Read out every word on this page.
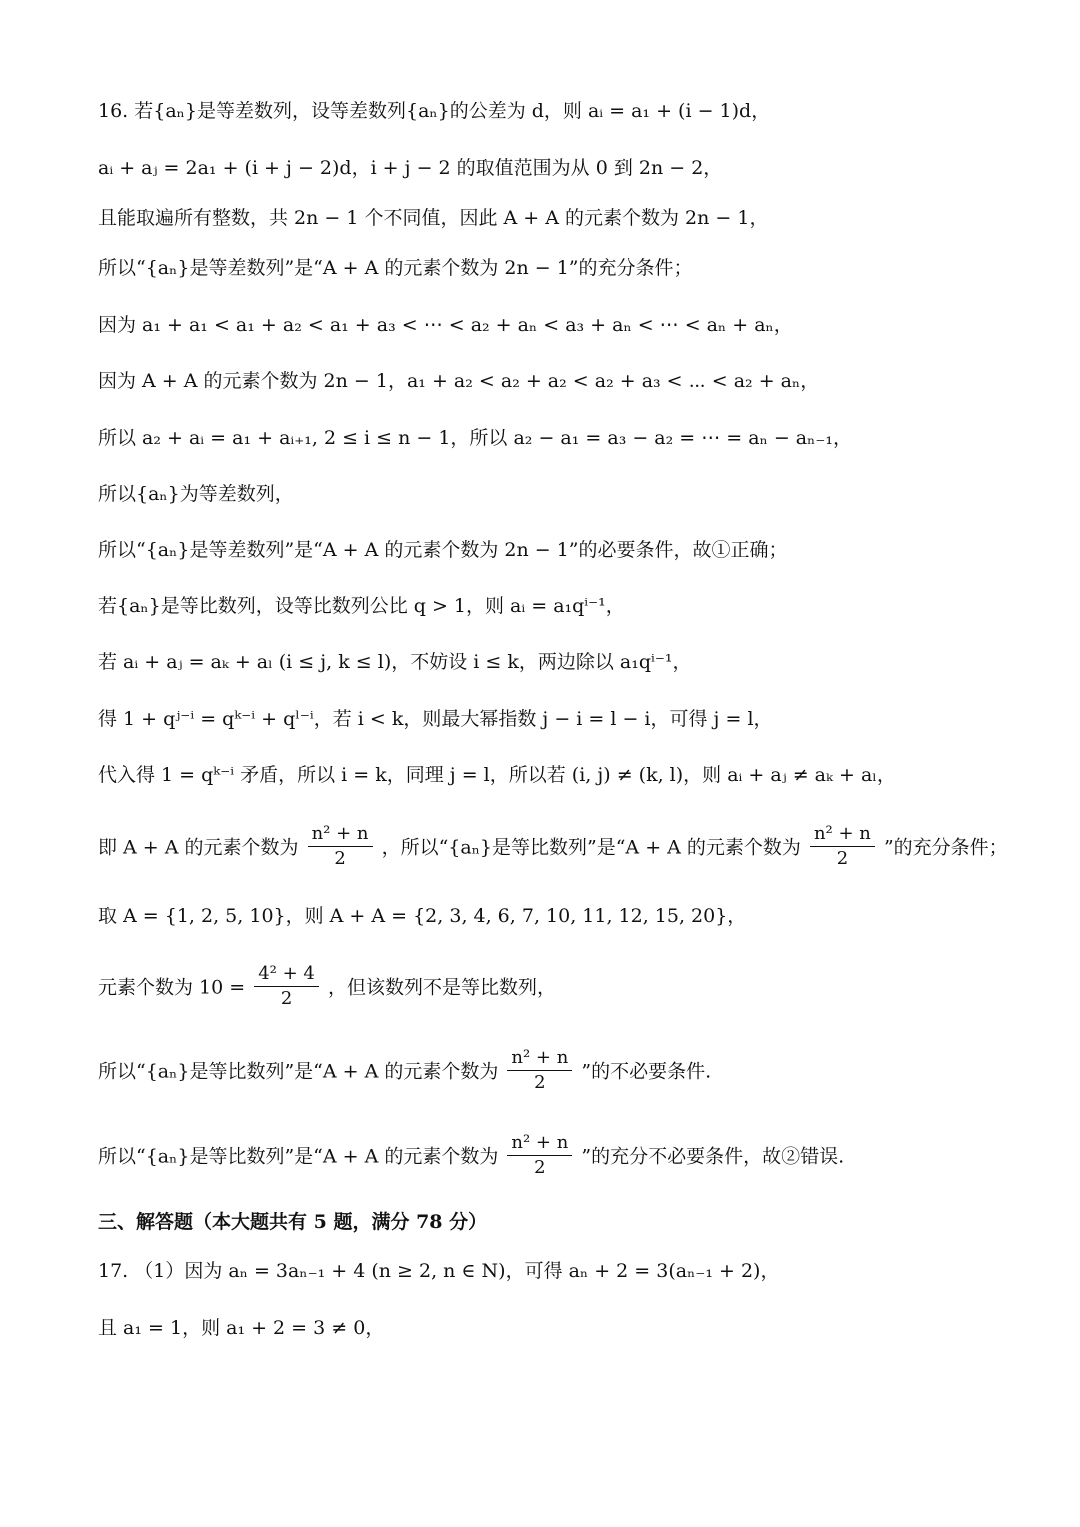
16. 若{aₙ}是等差数列，设等差数列{aₙ}的公差为 d，则 aᵢ = a₁ + (i − 1)d，
aᵢ + aⱼ = 2a₁ + (i + j − 2)d，i + j − 2 的取值范围为从 0 到 2n − 2，
且能取遍所有整数，共 2n − 1 个不同值，因此 A + A 的元素个数为 2n − 1，
所以“{aₙ}是等差数列”是“A + A 的元素个数为 2n − 1”的充分条件；
因为 a₁ + a₁ < a₁ + a₂ < a₁ + a₃ < ⋯ < a₂ + aₙ < a₃ + aₙ < ⋯ < aₙ + aₙ，
因为 A + A 的元素个数为 2n − 1，a₁ + a₂ < a₂ + a₂ < a₂ + a₃ < ⋯ < a₂ + aₙ，
所以 a₂ + aᵢ = a₁ + aᵢ₊₁, 2 ≤ i ≤ n − 1，所以 a₂ − a₁ = a₃ − a₂ = ⋯ = aₙ − aₙ₋₁，
所以{aₙ}为等差数列，
所以“{aₙ}是等差数列”是“A + A 的元素个数为 2n − 1”的必要条件，故①正确；
若{aₙ}是等比数列，设等比数列公比 q > 1，则 aᵢ = a₁qⁱ⁻¹，
若 aᵢ + aⱼ = aₖ + aₗ (i ≤ j, k ≤ l)，不妨设 i ≤ k，两边除以 a₁qⁱ⁻¹，
得 1 + qʲ⁻ⁱ = qᵏ⁻ⁱ + qˡ⁻ⁱ，若 i < k，则最大幂指数 j − i = l − i，可得 j = l，
代入得 1 = qᵏ⁻ⁱ 矛盾，所以 i = k，同理 j = l，所以若 (i, j) ≠ (k, l)，则 aᵢ + aⱼ ≠ aₖ + aₗ，
即 A + A 的元素个数为 $\frac{\text{n² + n}}{2}$ ，所以“{aₙ}是等比数列”是“A + A 的元素个数为 $\frac{\text{n² + n}}{2}$ ”的充分条件；
取 A = {1, 2, 5, 10}，则 A + A = {2, 3, 4, 6, 7, 10, 11, 12, 15, 20}，
元素个数为 $10 = \frac{\text{4² + 4}}{2}$ ，但该数列不是等比数列，
所以“{aₙ}是等比数列”是“A + A 的元素个数为 $\frac{\text{n² + n}}{2}$ ”的不必要条件.
所以“{aₙ}是等比数列”是“A + A 的元素个数为 $\frac{\text{n² + n}}{2}$ ”的充分不必要条件，故②错误.
三、解答题（本大题共有 5 题，满分 78 分）
17. （1）因为 aₙ = 3aₙ₋₁ + 4 (n ≥ 2, n ∈ N)，可得 aₙ + 2 = 3(aₙ₋₁ + 2)，
且 a₁ = 1，则 a₁ + 2 = 3 ≠ 0，
